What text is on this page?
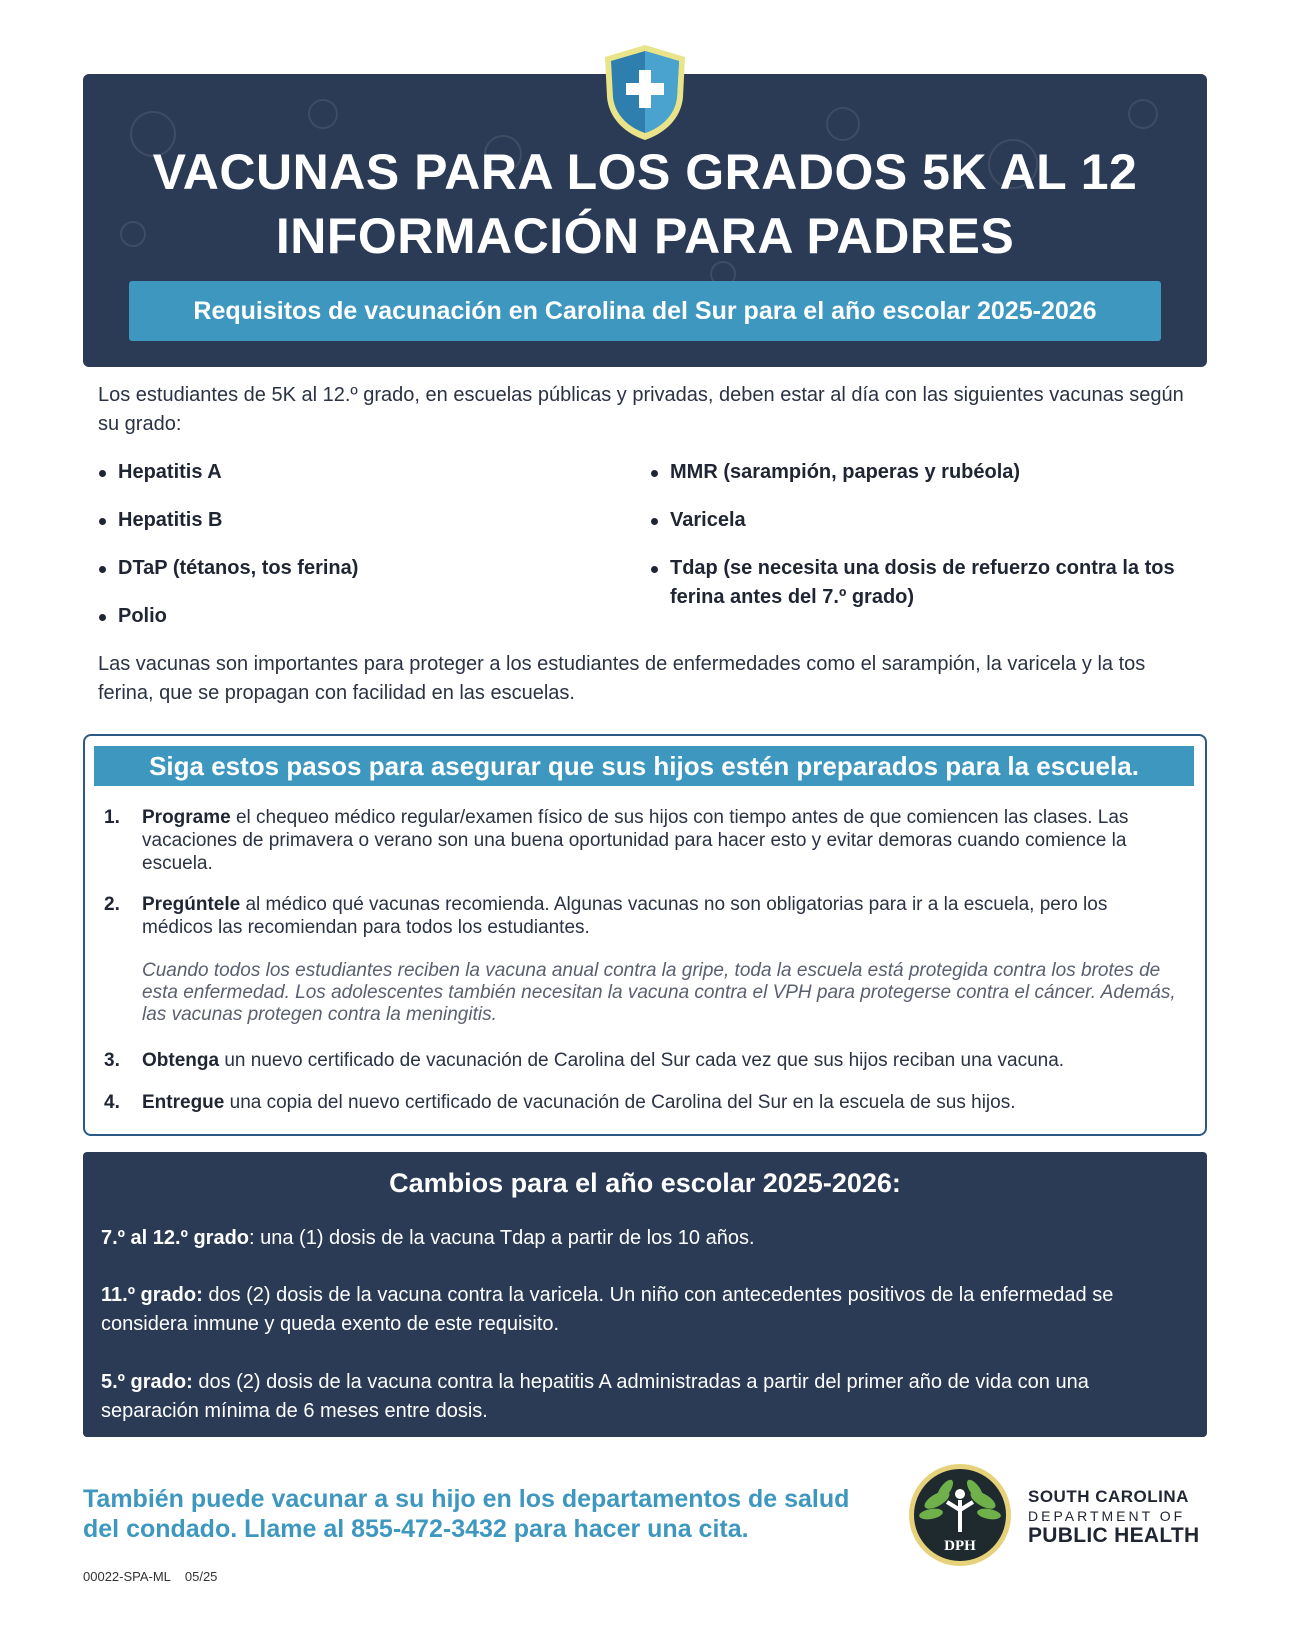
VACUNAS PARA LOS GRADOS 5K AL 12
INFORMACIÓN PARA PADRES
Requisitos de vacunación en Carolina del Sur para el año escolar 2025-2026
Los estudiantes de 5K al 12.º grado, en escuelas públicas y privadas, deben estar al día con las siguientes vacunas según su grado:
Hepatitis A
Hepatitis B
DTaP (tétanos, tos ferina)
Polio
MMR (sarampión, paperas y rubéola)
Varicela
Tdap (se necesita una dosis de refuerzo contra la tos ferina antes del 7.º grado)
Las vacunas son importantes para proteger a los estudiantes de enfermedades como el sarampión, la varicela y la tos ferina, que se propagan con facilidad en las escuelas.
Siga estos pasos para asegurar que sus hijos estén preparados para la escuela.
1. Programe el chequeo médico regular/examen físico de sus hijos con tiempo antes de que comiencen las clases. Las vacaciones de primavera o verano son una buena oportunidad para hacer esto y evitar demoras cuando comience la escuela.
2. Pregúntele al médico qué vacunas recomienda. Algunas vacunas no son obligatorias para ir a la escuela, pero los médicos las recomiendan para todos los estudiantes.
Cuando todos los estudiantes reciben la vacuna anual contra la gripe, toda la escuela está protegida contra los brotes de esta enfermedad. Los adolescentes también necesitan la vacuna contra el VPH para protegerse contra el cáncer. Además, las vacunas protegen contra la meningitis.
3. Obtenga un nuevo certificado de vacunación de Carolina del Sur cada vez que sus hijos reciban una vacuna.
4. Entregue una copia del nuevo certificado de vacunación de Carolina del Sur en la escuela de sus hijos.
Cambios para el año escolar 2025-2026:
7.º al 12.º grado: una (1) dosis de la vacuna Tdap a partir de los 10 años.
11.º grado: dos (2) dosis de la vacuna contra la varicela. Un niño con antecedentes positivos de la enfermedad se considera inmune y queda exento de este requisito.
5.º grado: dos (2) dosis de la vacuna contra la hepatitis A administradas a partir del primer año de vida con una separación mínima de 6 meses entre dosis.
También puede vacunar a su hijo en los departamentos de salud
del condado. Llame al 855-472-3432 para hacer una cita.
DPH
SOUTH CAROLINA
DEPARTMENT OF
PUBLIC HEALTH
00022-SPA-ML    05/25
